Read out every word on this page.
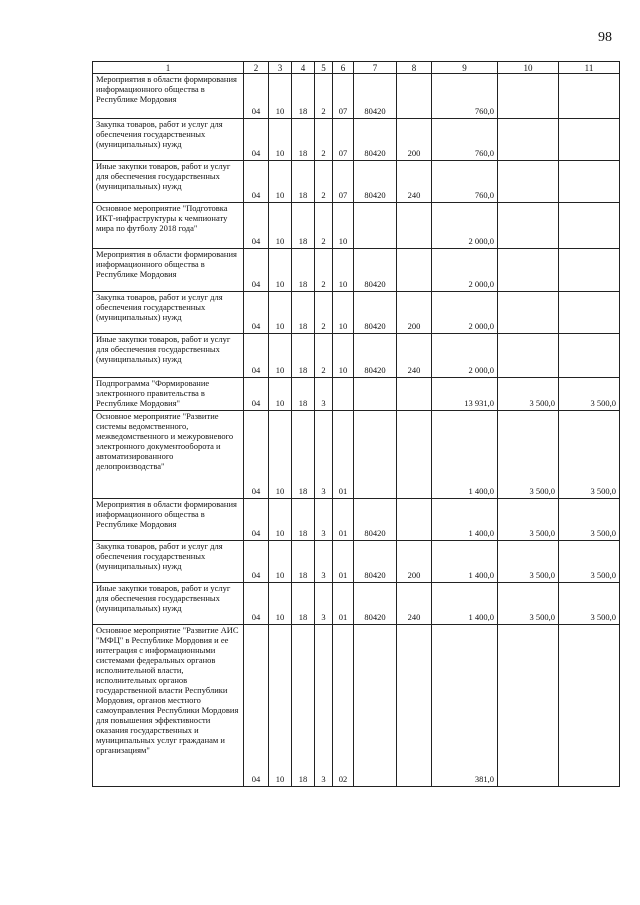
98
1	2	3	4	5	6	7	8	9	10	11

Мероприятия в области формирования информационного общества в Республике Мордовия	04	10	18	2	07	80420		760,0		

Закупка товаров, работ и услуг для обеспечения государственных (муниципальных) нужд	04	10	18	2	07	80420	200	760,0		

Иные закупки товаров, работ и услуг для обеспечения государственных (муниципальных) нужд	04	10	18	2	07	80420	240	760,0		

Основное мероприятие "Подготовка ИКТ-инфраструктуры к чемпионату мира по футболу 2018 года"	04	10	18	2	10			2 000,0		

Мероприятия в области формирования информационного общества в Республике Мордовия	04	10	18	2	10	80420		2 000,0		

Закупка товаров, работ и услуг для обеспечения государственных (муниципальных) нужд	04	10	18	2	10	80420	200	2 000,0		

Иные закупки товаров, работ и услуг для обеспечения государственных (муниципальных) нужд	04	10	18	2	10	80420	240	2 000,0		

Подпрограмма "Формирование электронного правительства в Республике Мордовия"	04	10	18	3				13 931,0	3 500,0	3 500,0

Основное мероприятие "Развитие системы ведомственного, межведомственного и межуровневого электронного документооборота и автоматизированного делопроизводства"	04	10	18	3	01			1 400,0	3 500,0	3 500,0

Мероприятия в области формирования информационного общества в Республике Мордовия	04	10	18	3	01	80420		1 400,0	3 500,0	3 500,0

Закупка товаров, работ и услуг для обеспечения государственных (муниципальных) нужд	04	10	18	3	01	80420	200	1 400,0	3 500,0	3 500,0

Иные закупки товаров, работ и услуг для обеспечения государственных (муниципальных) нужд	04	10	18	3	01	80420	240	1 400,0	3 500,0	3 500,0

Основное мероприятие "Развитие АИС "МФЦ" в Республике Мордовия и ее интеграция с информационными системами федеральных органов исполнительной власти, исполнительных органов государственной власти Республики Мордовия, органов местного самоуправления Республики Мордовия для повышения эффективности оказания государственных и муниципальных услуг гражданам и организациям"	04	10	18	3	02			381,0		
